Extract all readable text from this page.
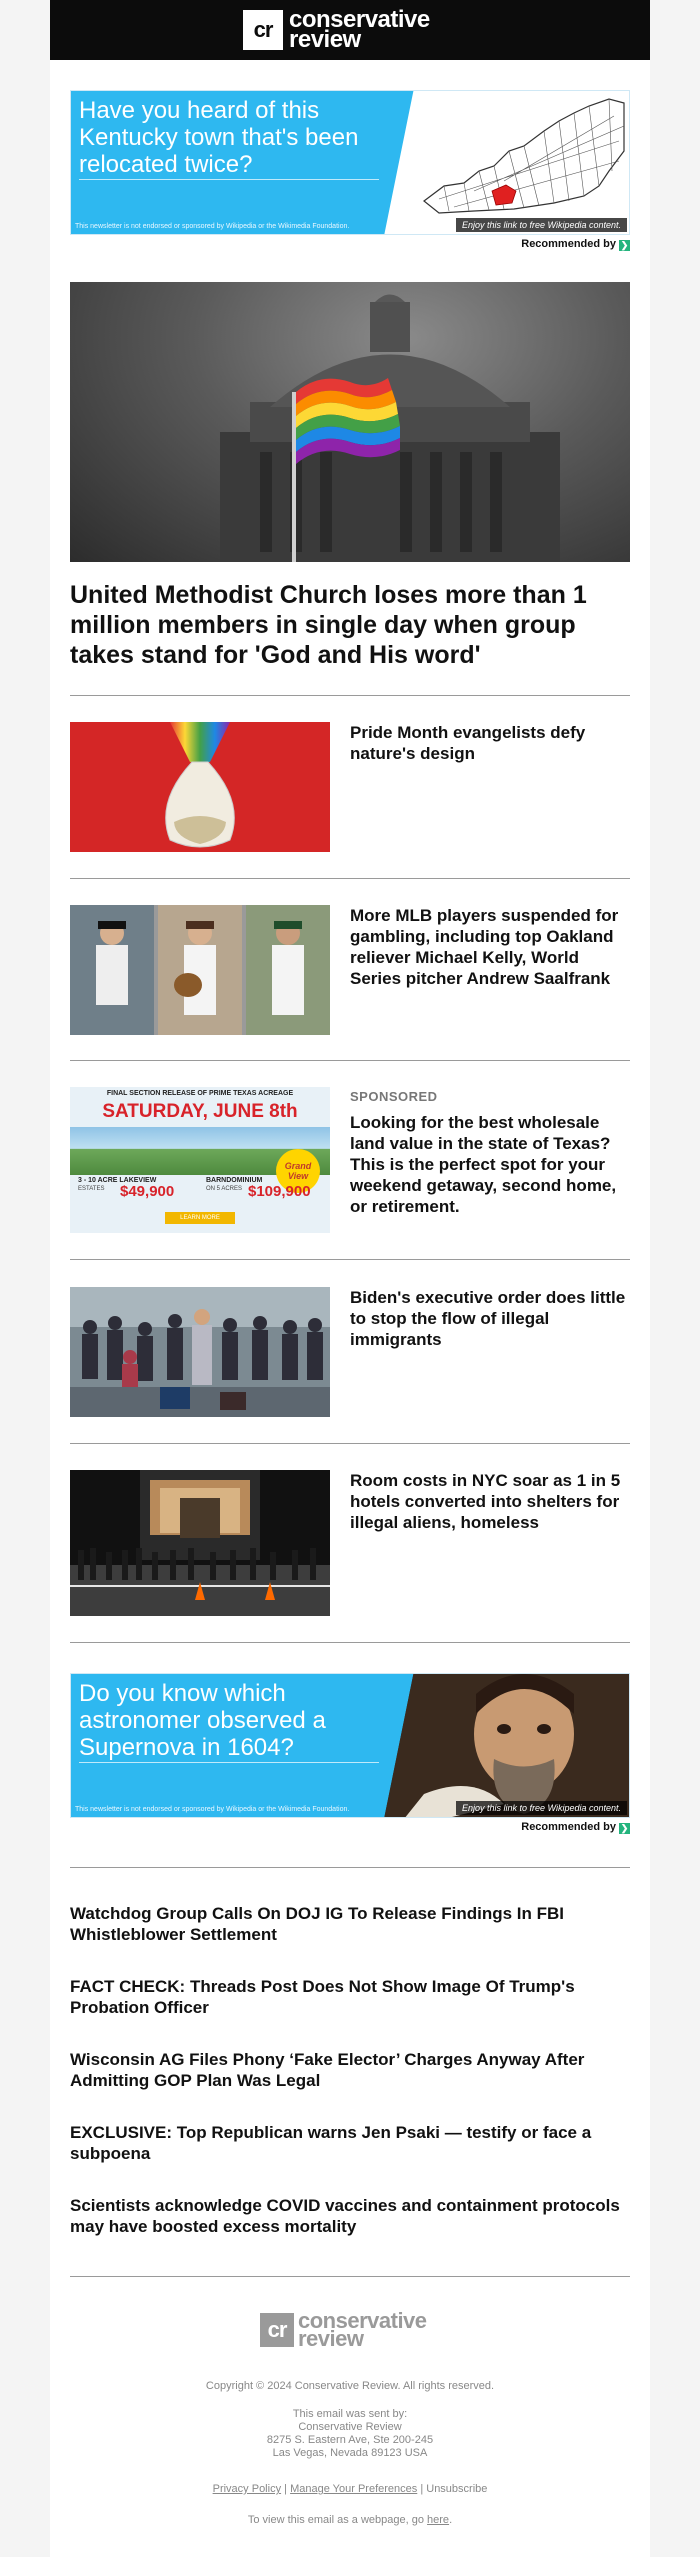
cr conservative
review
Have you heard of this Kentucky town that's been relocated twice?
This newsletter is not endorsed or sponsored by Wikipedia or the Wikimedia Foundation.	Enjoy this link to free Wikipedia content.
Recommended by ❯
United Methodist Church loses more than 1 million members in single day when group takes stand for 'God and His word'
Pride Month evangelists defy nature's design
More MLB players suspended for gambling, including top Oakland reliever Michael Kelly, World Series pitcher Andrew Saalfrank
FINAL SECTION RELEASE OF PRIME TEXAS ACREAGE
SATURDAY, JUNE 8th
Grand View
3 - 10 ACRE LAKEVIEW
ESTATES $49,900
BARNDOMINIUM
ON 5 ACRES $109,900
LEARN MORE
SPONSORED
Looking for the best wholesale land value in the state of Texas? This is the perfect spot for your weekend getaway, second home, or retirement.
Biden's executive order does little to stop the flow of illegal immigrants
Room costs in NYC soar as 1 in 5 hotels converted into shelters for illegal aliens, homeless
Do you know which astronomer observed a Supernova in 1604?
This newsletter is not endorsed or sponsored by Wikipedia or the Wikimedia Foundation.	Enjoy this link to free Wikipedia content.
Recommended by ❯
Watchdog Group Calls On DOJ IG To Release Findings In FBI Whistleblower Settlement
FACT CHECK: Threads Post Does Not Show Image Of Trump's Probation Officer
Wisconsin AG Files Phony ‘Fake Elector’ Charges Anyway After Admitting GOP Plan Was Legal
EXCLUSIVE: Top Republican warns Jen Psaki — testify or face a subpoena
Scientists acknowledge COVID vaccines and containment protocols may have boosted excess mortality
cr conservative
review
Copyright © 2024 Conservative Review. All rights reserved.
This email was sent by:
Conservative Review
8275 S. Eastern Ave, Ste 200-245
Las Vegas, Nevada 89123 USA
Privacy Policy | Manage Your Preferences | Unsubscribe
To view this email as a webpage, go here.
